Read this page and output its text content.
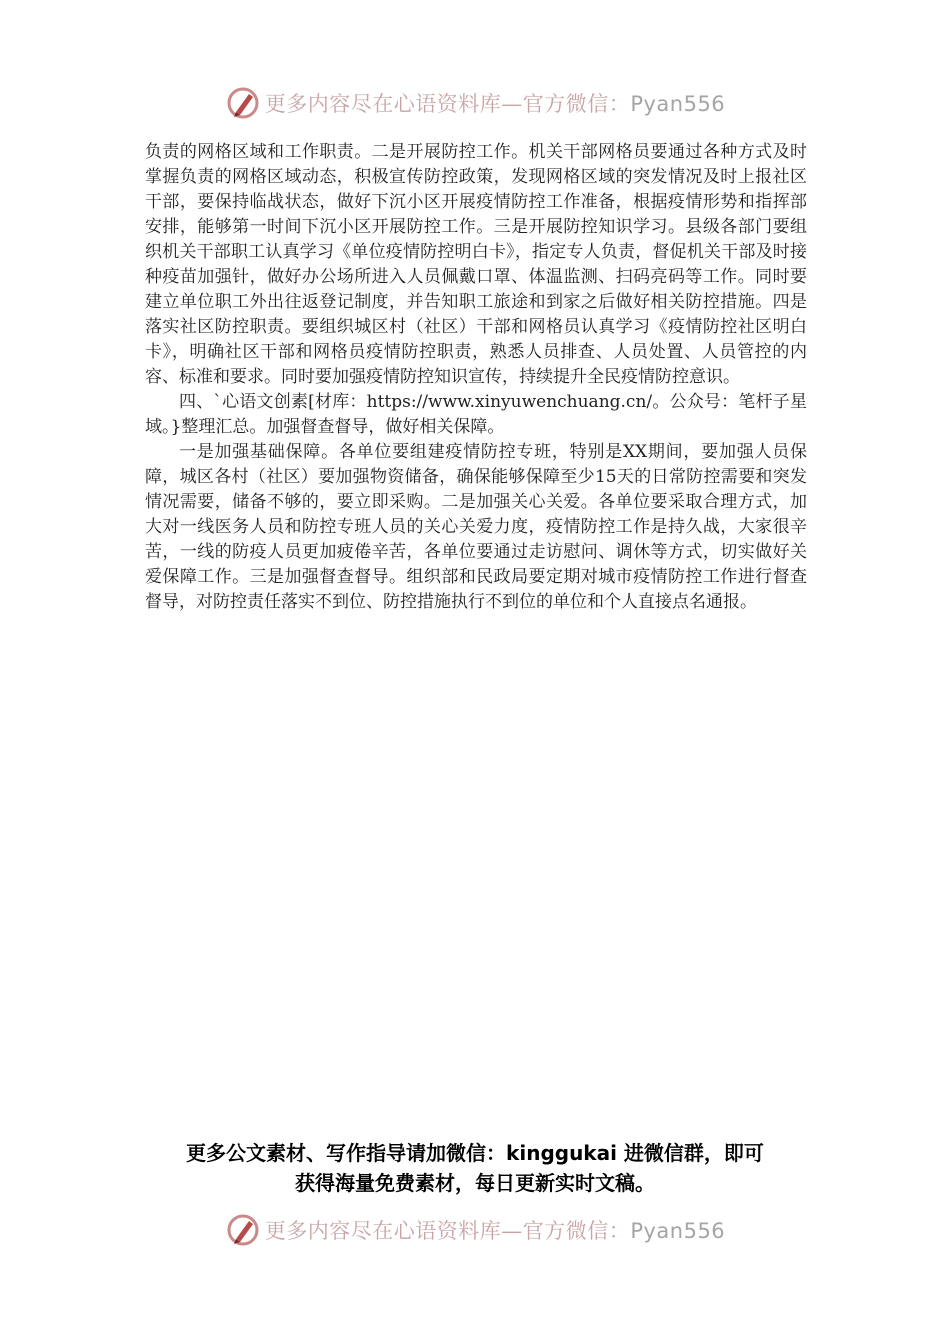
更多内容尽在心语资料库—官方微信：Pyan556

负责的网格区域和工作职责。二是开展防控工作。机关干部网格员要通过各种方式及时掌握负责的网格区域动态，积极宣传防控政策，发现网格区域的突发情况及时上报社区干部，要保持临战状态，做好下沉小区开展疫情防控工作准备，根据疫情形势和指挥部安排，能够第一时间下沉小区开展防控工作。三是开展防控知识学习。县级各部门要组织机关干部职工认真学习《单位疫情防控明白卡》，指定专人负责，督促机关干部及时接种疫苗加强针，做好办公场所进入人员佩戴口罩、体温监测、扫码亮码等工作。同时要建立单位职工外出往返登记制度，并告知职工旅途和到家之后做好相关防控措施。四是落实社区防控职责。要组织城区村（社区）干部和网格员认真学习《疫情防控社区明白卡》，明确社区干部和网格员疫情防控职责，熟悉人员排查、人员处置、人员管控的内容、标准和要求。同时要加强疫情防控知识宣传，持续提升全民疫情防控意识。

四、`心语文创素[材库：https://www.xinyuwenchuang.cn/。公众号：笔杆子星域。}整理汇总。加强督查督导，做好相关保障。

一是加强基础保障。各单位要组建疫情防控专班，特别是XX期间，要加强人员保障，城区各村（社区）要加强物资储备，确保能够保障至少15天的日常防控需要和突发情况需要，储备不够的，要立即采购。二是加强关心关爱。各单位要采取合理方式，加大对一线医务人员和防控专班人员的关心关爱力度，疫情防控工作是持久战，大家很辛苦，一线的防疫人员更加疲倦辛苦，各单位要通过走访慰问、调休等方式，切实做好关爱保障工作。三是加强督查督导。组织部和民政局要定期对城市疫情防控工作进行督查督导，对防控责任落实不到位、防控措施执行不到位的单位和个人直接点名通报。

更多公文素材、写作指导请加微信：kinggukai 进微信群，即可
获得海量免费素材，每日更新实时文稿。
更多内容尽在心语资料库—官方微信：Pyan556
